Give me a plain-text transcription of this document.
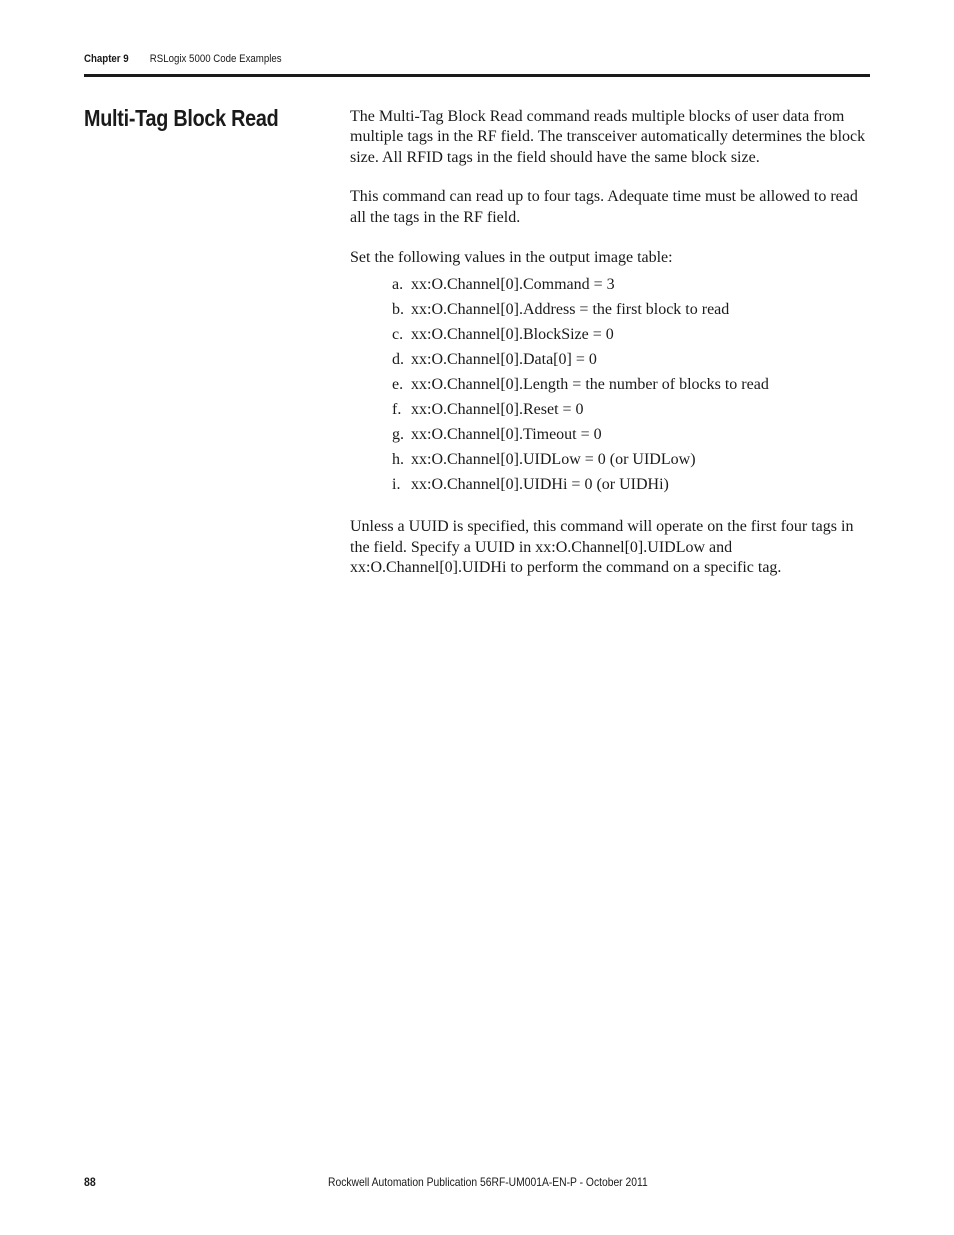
Chapter 9 RSLogix 5000 Code Examples
Multi-Tag Block Read	The Multi-Tag Block Read command reads multiple blocks of user data from multiple tags in the RF field. The transceiver automatically determines the block size. All RFID tags in the field should have the same block size.

This command can read up to four tags. Adequate time must be allowed to read all the tags in the RF field.

Set the following values in the output image table:

a. xx:O.Channel[0].Command = 3
b. xx:O.Channel[0].Address = the first block to read
c. xx:O.Channel[0].BlockSize = 0
d. xx:O.Channel[0].Data[0] = 0
e. xx:O.Channel[0].Length = the number of blocks to read
f. xx:O.Channel[0].Reset = 0
g. xx:O.Channel[0].Timeout = 0
h. xx:O.Channel[0].UIDLow = 0 (or UIDLow)
i. xx:O.Channel[0].UIDHi = 0 (or UIDHi)

Unless a UUID is specified, this command will operate on the first four tags in the field. Specify a UUID in xx:O.Channel[0].UIDLow and xx:O.Channel[0].UIDHi to perform the command on a specific tag.

88	Rockwell Automation Publication 56RF-UM001A-EN-P - October 2011
